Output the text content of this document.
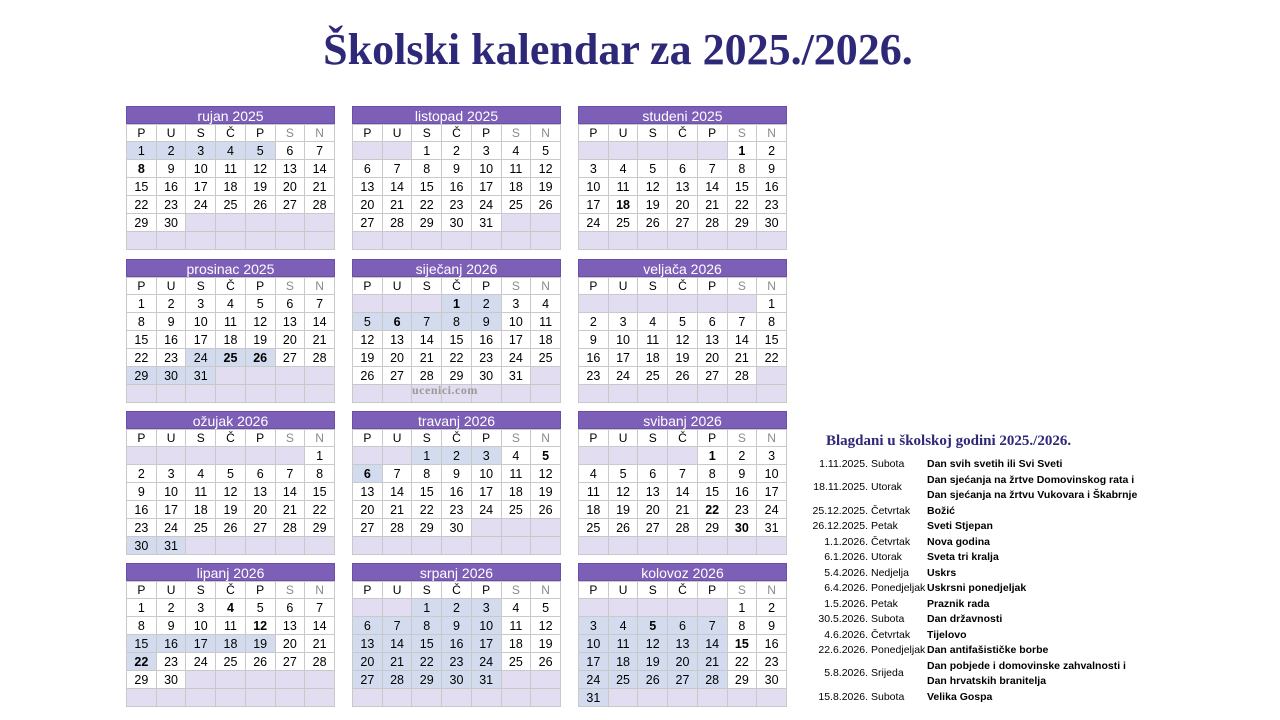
Školski kalendar za 2025./2026.
rujan 2025
P	U	S	Č	P	S	N
1	2	3	4	5	6	7
8	9	10	11	12	13	14
15	16	17	18	19	20	21
22	23	24	25	26	27	28
29	30					

listopad 2025
P	U	S	Č	P	S	N
		1	2	3	4	5
6	7	8	9	10	11	12
13	14	15	16	17	18	19
20	21	22	23	24	25	26
27	28	29	30	31		

studeni 2025
P	U	S	Č	P	S	N
					1	2
3	4	5	6	7	8	9
10	11	12	13	14	15	16
17	18	19	20	21	22	23
24	25	26	27	28	29	30

prosinac 2025
P	U	S	Č	P	S	N
1	2	3	4	5	6	7
8	9	10	11	12	13	14
15	16	17	18	19	20	21
22	23	24	25	26	27	28
29	30	31				

siječanj 2026
P	U	S	Č	P	S	N
			1	2	3	4
5	6	7	8	9	10	11
12	13	14	15	16	17	18
19	20	21	22	23	24	25
26	27	28	29	30	31	

veljača 2026
P	U	S	Č	P	S	N
						1
2	3	4	5	6	7	8
9	10	11	12	13	14	15
16	17	18	19	20	21	22
23	24	25	26	27	28	

ožujak 2026
P	U	S	Č	P	S	N
						1
2	3	4	5	6	7	8
9	10	11	12	13	14	15
16	17	18	19	20	21	22
23	24	25	26	27	28	29
30	31					
travanj 2026
P	U	S	Č	P	S	N
		1	2	3	4	5
6	7	8	9	10	11	12
13	14	15	16	17	18	19
20	21	22	23	24	25	26
27	28	29	30			

svibanj 2026
P	U	S	Č	P	S	N
				1	2	3
4	5	6	7	8	9	10
11	12	13	14	15	16	17
18	19	20	21	22	23	24
25	26	27	28	29	30	31

lipanj 2026
P	U	S	Č	P	S	N
1	2	3	4	5	6	7
8	9	10	11	12	13	14
15	16	17	18	19	20	21
22	23	24	25	26	27	28
29	30					

srpanj 2026
P	U	S	Č	P	S	N
		1	2	3	4	5
6	7	8	9	10	11	12
13	14	15	16	17	18	19
20	21	22	23	24	25	26
27	28	29	30	31		

kolovoz 2026
P	U	S	Č	P	S	N
					1	2
3	4	5	6	7	8	9
10	11	12	13	14	15	16
17	18	19	20	21	22	23
24	25	26	27	28	29	30
31						
ucenici.com
Blagdani u školskoj godini 2025./2026.
1.11.2025. Subota	Dan svih svetih ili Svi Sveti
18.11.2025. Utorak
Dan sjećanja na žrtve Domovinskog rata i Dan sjećanja na žrtvu Vukovara i Škabrnje
25.12.2025. Četvrtak	Božić
26.12.2025. Petak	Sveti Stjepan
1.1.2026. Četvrtak	Nova godina
6.1.2026. Utorak	Sveta tri kralja
5.4.2026. Nedjelja	Uskrs
6.4.2026. Ponedjeljak Uskrsni ponedjeljak
1.5.2026. Petak	Praznik rada
30.5.2026. Subota	Dan državnosti
4.6.2026. Četvrtak	Tijelovo
22.6.2026. Ponedjeljak Dan antifašističke borbe
5.8.2026. Srijeda
Dan pobjede i domovinske zahvalnosti i Dan hrvatskih branitelja
15.8.2026. Subota	Velika Gospa
